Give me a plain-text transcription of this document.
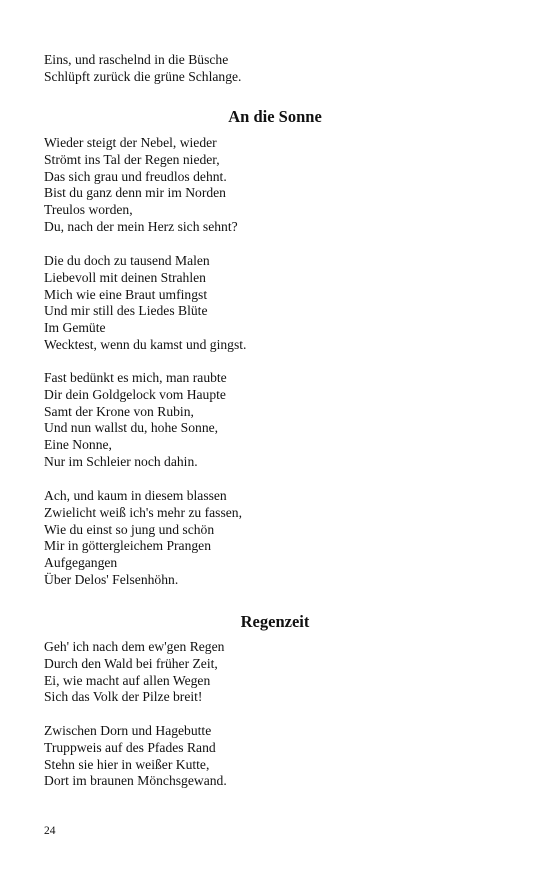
Eins, und raschelnd in die Büsche
Schlüpft zurück die grüne Schlange.
An die Sonne
Wieder steigt der Nebel, wieder
Strömt ins Tal der Regen nieder,
Das sich grau und freudlos dehnt.
Bist du ganz denn mir im Norden
Treulos worden,
Du, nach der mein Herz sich sehnt?
Die du doch zu tausend Malen
Liebevoll mit deinen Strahlen
Mich wie eine Braut umfingst
Und mir still des Liedes Blüte
Im Gemüte
Wecktest, wenn du kamst und gingst.
Fast bedünkt es mich, man raubte
Dir dein Goldgelock vom Haupte
Samt der Krone von Rubin,
Und nun wallst du, hohe Sonne,
Eine Nonne,
Nur im Schleier noch dahin.
Ach, und kaum in diesem blassen
Zwielicht weiß ich's mehr zu fassen,
Wie du einst so jung und schön
Mir in göttergleichem Prangen
Aufgegangen
Über Delos' Felsenhöhn.
Regenzeit
Geh' ich nach dem ew'gen Regen
Durch den Wald bei früher Zeit,
Ei, wie macht auf allen Wegen
Sich das Volk der Pilze breit!
Zwischen Dorn und Hagebutte
Truppweis auf des Pfades Rand
Stehn sie hier in weißer Kutte,
Dort im braunen Mönchsgewand.
24
